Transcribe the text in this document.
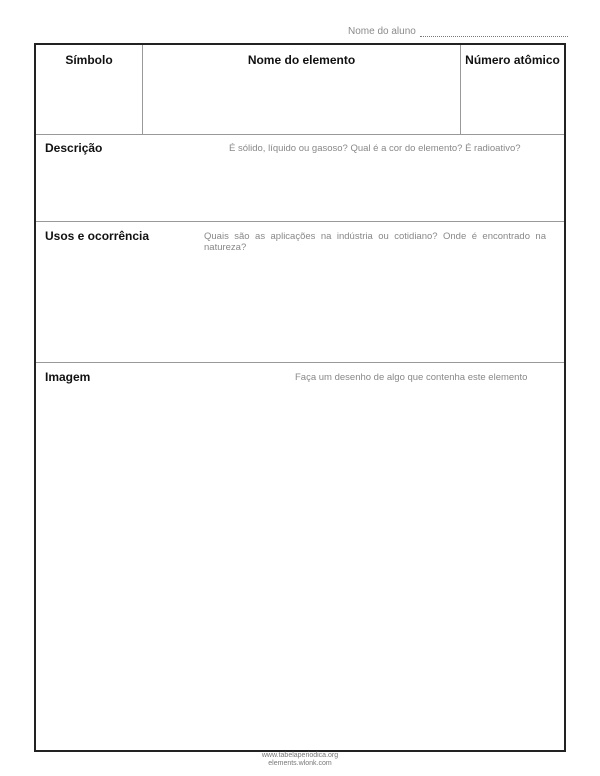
Nome do aluno
Símbolo	Nome do elemento	Número atômico
Descrição	É sólido, líquido ou gasoso? Qual é a cor do elemento? É radioativo?
Usos e ocorrência	Quais são as aplicações na indústria ou cotidiano? Onde é encontrado na natureza?
Imagem	Faça um desenho de algo que contenha este elemento
www.tabelaperiodica.org
elements.wlonk.com
